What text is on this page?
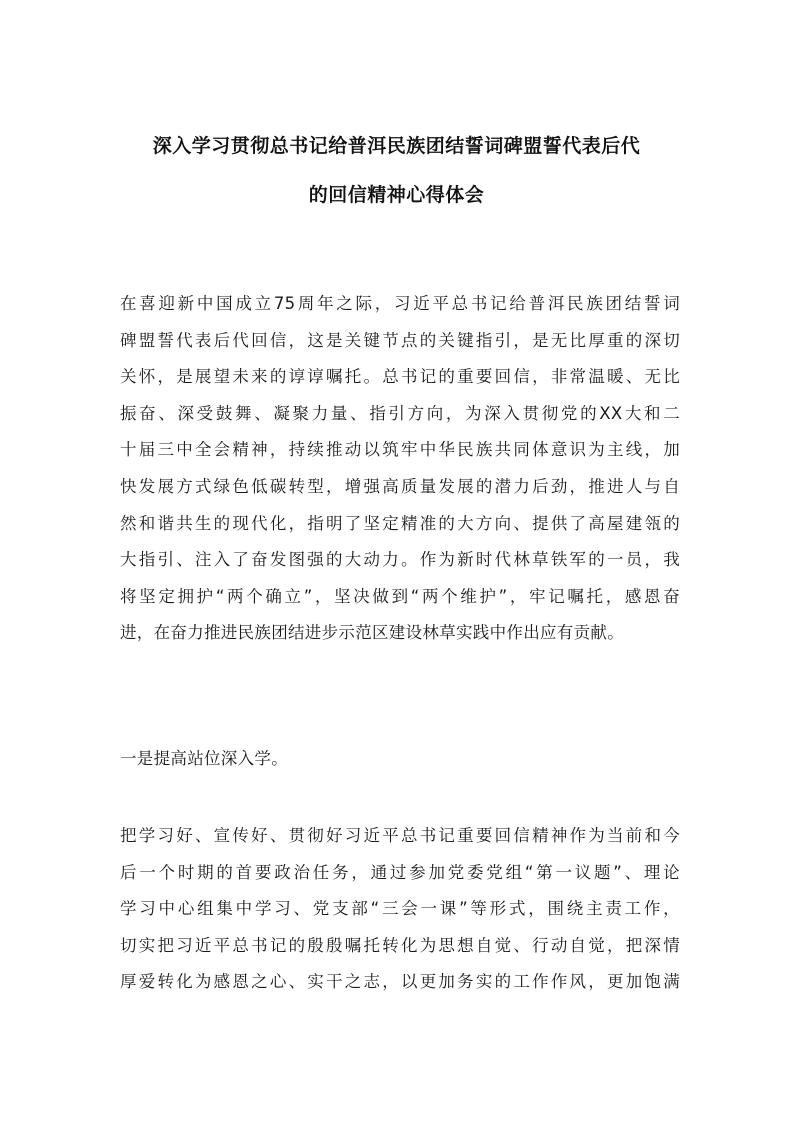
深入学习贯彻总书记给普洱民族团结誓词碑盟誓代表后代
的回信精神心得体会
在喜迎新中国成立75周年之际，习近平总书记给普洱民族团结誓词
碑盟誓代表后代回信，这是关键节点的关键指引，是无比厚重的深切
关怀，是展望未来的谆谆嘱托。总书记的重要回信，非常温暖、无比
振奋、深受鼓舞、凝聚力量、指引方向，为深入贯彻党的XX大和二
十届三中全会精神，持续推动以筑牢中华民族共同体意识为主线，加
快发展方式绿色低碳转型，增强高质量发展的潜力后劲，推进人与自
然和谐共生的现代化，指明了坚定精准的大方向、提供了高屋建瓴的
大指引、注入了奋发图强的大动力。作为新时代林草铁军的一员，我
将坚定拥护“两个确立”，坚决做到“两个维护”，牢记嘱托，感恩奋
进，在奋力推进民族团结进步示范区建设林草实践中作出应有贡献。
一是提高站位深入学。
把学习好、宣传好、贯彻好习近平总书记重要回信精神作为当前和今
后一个时期的首要政治任务，通过参加党委党组“第一议题”、理论
学习中心组集中学习、党支部“三会一课”等形式，围绕主责工作，
切实把习近平总书记的殷殷嘱托转化为思想自觉、行动自觉，把深情
厚爱转化为感恩之心、实干之志，以更加务实的工作作风，更加饱满
